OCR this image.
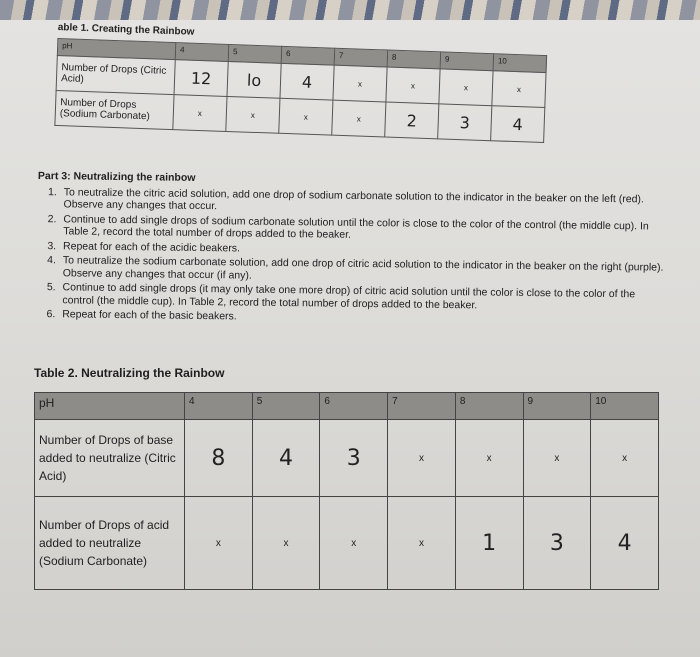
able 1. Creating the Rainbow
pH	4	5	6	7	8	9	10
Number of Drops (Citric Acid)	12	lo	4	x	x	x	x
Number of Drops (Sodium Carbonate)	x	x	x	x	2	3	4
Part 3: Neutralizing the rainbow
1. To neutralize the citric acid solution, add one drop of sodium carbonate solution to the indicator in the beaker on the left (red). Observe any changes that occur.
2. Continue to add single drops of sodium carbonate solution until the color is close to the color of the control (the middle cup). In Table 2, record the total number of drops added to the beaker.
3. Repeat for each of the acidic beakers.
4. To neutralize the sodium carbonate solution, add one drop of citric acid solution to the indicator in the beaker on the right (purple). Observe any changes that occur (if any).
5. Continue to add single drops (it may only take one more drop) of citric acid solution until the color is close to the color of the control (the middle cup). In Table 2, record the total number of drops added to the beaker.
6. Repeat for each of the basic beakers.
Table 2. Neutralizing the Rainbow
pH	4	5	6	7	8	9	10
Number of Drops of base added to neutralize (Citric Acid)	8	4	3	x	x	x	x
Number of Drops of acid added to neutralize (Sodium Carbonate)	x	x	x	x	1	3	4
